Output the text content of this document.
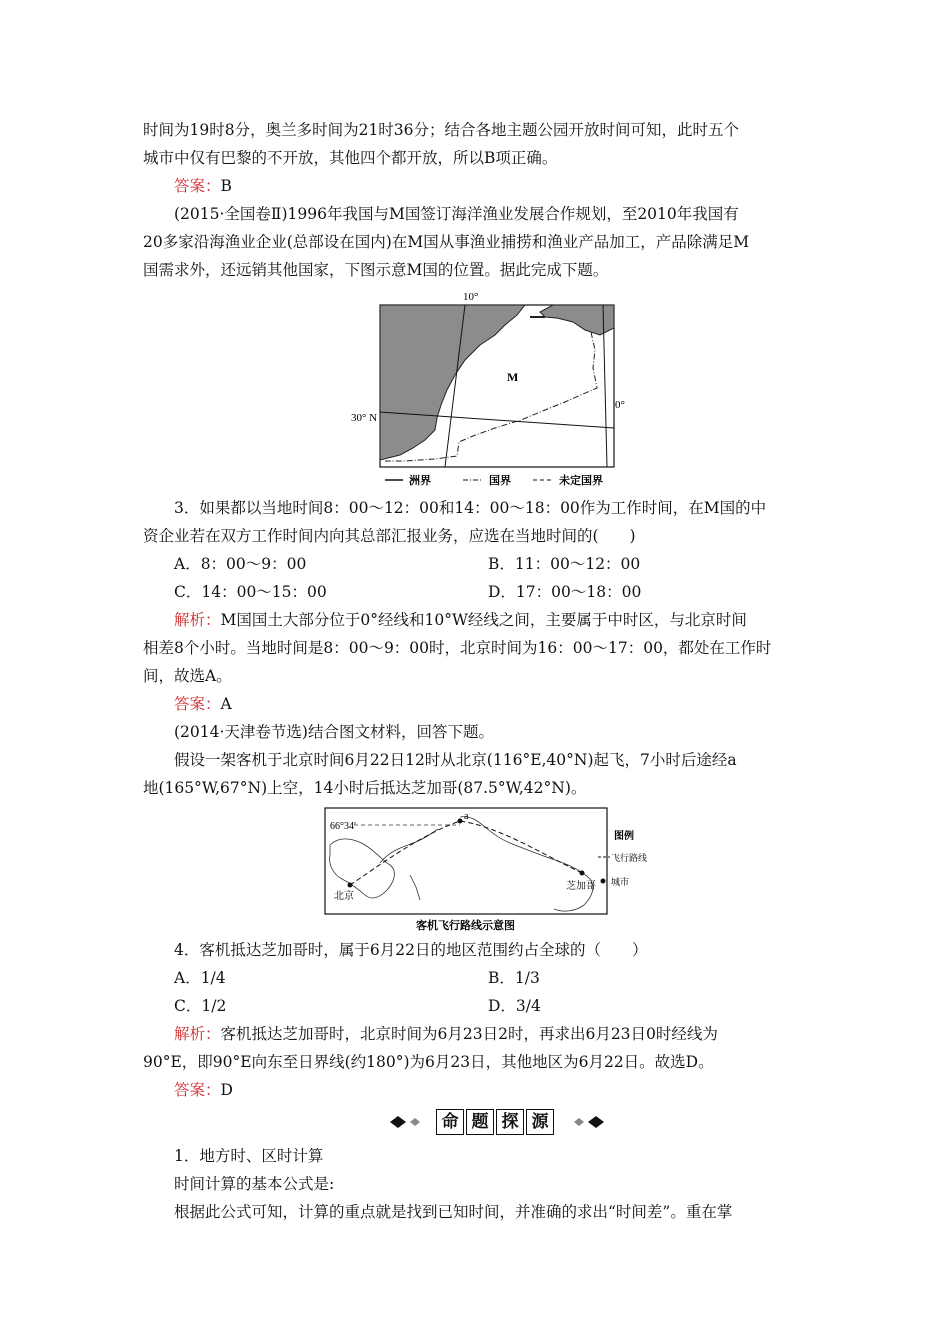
时间为19时8分，奥兰多时间为21时36分；结合各地主题公园开放时间可知，此时五个
城市中仅有巴黎的不开放，其他四个都开放，所以B项正确。
答案：B
(2015·全国卷Ⅱ)1996年我国与M国签订海洋渔业发展合作规划，至2010年我国有
20多家沿海渔业企业(总部设在国内)在M国从事渔业捕捞和渔业产品加工，产品除满足M
国需求外，还远销其他国家，下图示意M国的位置。据此完成下题。
10°
30° N
0°
M
洲界	国界	未定国界
3．如果都以当地时间8：00～12：00和14：00～18：00作为工作时间，在M国的中
资企业若在双方工作时间内向其总部汇报业务，应选在当地时间的(　　)
A．8：00～9：00	B．11：00～12：00
C．14：00～15：00	D．17：00～18：00
解析：M国国土大部分位于0°经线和10°W经线之间，主要属于中时区，与北京时间
相差8个小时。当地时间是8：00～9：00时，北京时间为16：00～17：00，都处在工作时
间，故选A。
答案：A
(2014·天津卷节选)结合图文材料，回答下题。
假设一架客机于北京时间6月22日12时从北京(116°E,40°N)起飞，7小时后途经a
地(165°W,67°N)上空，14小时后抵达芝加哥(87.5°W,42°N)。
66°34′
a
北京
芝加哥
图例
飞行路线
城市
客机飞行路线示意图
4．客机抵达芝加哥时，属于6月22日的地区范围约占全球的（　　）
A．1/4	B．1/3
C．1/2	D．3/4
解析：客机抵达芝加哥时，北京时间为6月23日2时，再求出6月23日0时经线为
90°E，即90°E向东至日界线(约180°)为6月23日，其他地区为6月22日。故选D。
答案：D
命 题 探 源
1．地方时、区时计算
时间计算的基本公式是:
根据此公式可知，计算的重点就是找到已知时间，并准确的求出“时间差”。重在掌
